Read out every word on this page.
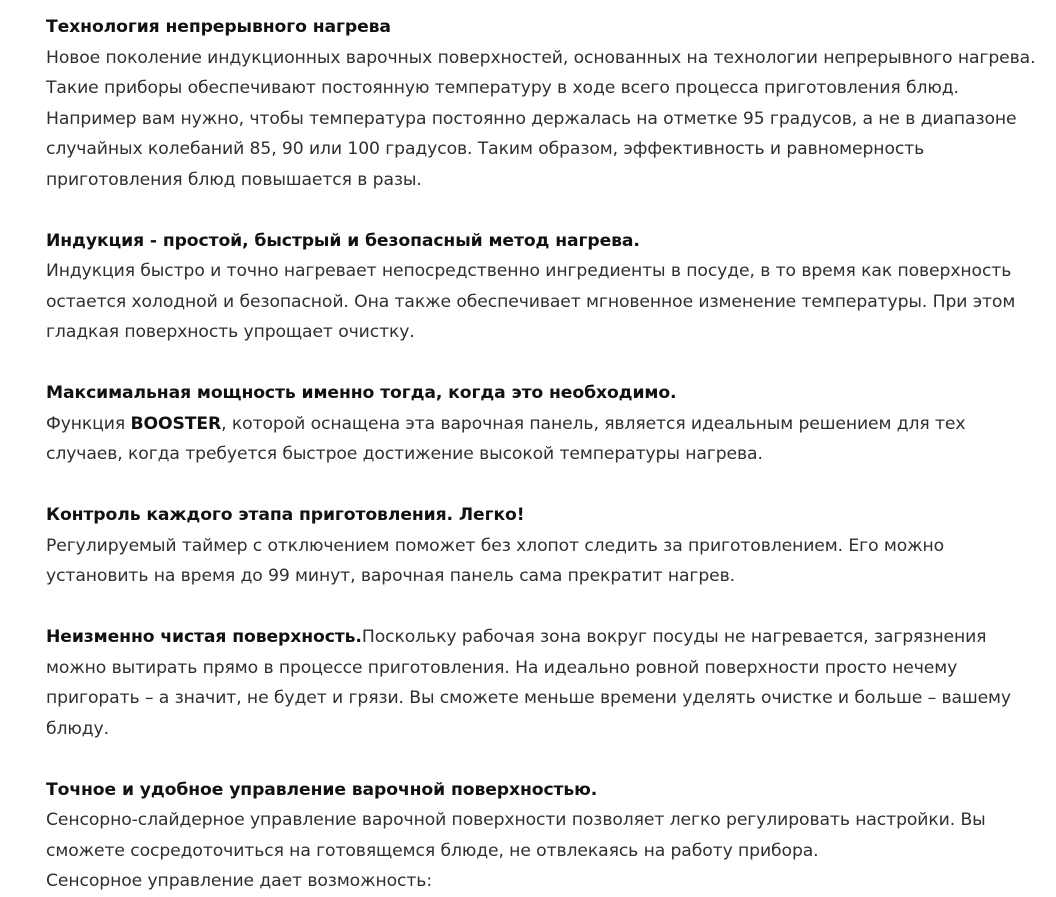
Технология непрерывного нагрева
Новое поколение индукционных варочных поверхностей, основанных на технологии непрерывного нагрева.
Такие приборы обеспечивают постоянную температуру в ходе всего процесса приготовления блюд.
Например вам нужно, чтобы температура постоянно держалась на отметке 95 градусов, а не в диапазоне
случайных колебаний 85, 90 или 100 градусов. Таким образом, эффективность и равномерность
приготовления блюд повышается в разы.
Индукция - простой, быстрый и безопасный метод нагрева.
Индукция быстро и точно нагревает непосредственно ингредиенты в посуде, в то время как поверхность
остается холодной и безопасной. Она также обеспечивает мгновенное изменение температуры. При этом
гладкая поверхность упрощает очистку.
Максимальная мощность именно тогда, когда это необходимо.
Функция BOOSTER, которой оснащена эта варочная панель, является идеальным решением для тех
случаев, когда требуется быстрое достижение высокой температуры нагрева.
Контроль каждого этапа приготовления. Легко!
Регулируемый таймер с отключением поможет без хлопот следить за приготовлением. Его можно
установить на время до 99 минут, варочная панель сама прекратит нагрев.
Неизменно чистая поверхность.Поскольку рабочая зона вокруг посуды не нагревается, загрязнения
можно вытирать прямо в процессе приготовления. На идеально ровной поверхности просто нечему
пригорать – а значит, не будет и грязи. Вы сможете меньше времени уделять очистке и больше – вашему
блюду.
Точное и удобное управление варочной поверхностью.
Сенсорно-слайдерное управление варочной поверхности позволяет легко регулировать настройки. Вы
сможете сосредоточиться на готовящемся блюде, не отвлекаясь на работу прибора.
Сенсорное управление дает возможность:
